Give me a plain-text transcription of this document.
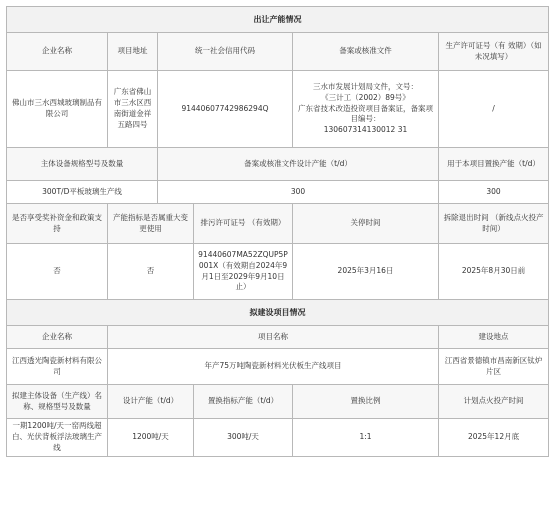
出让产能情况					
企业名称	项目地址	统一社会信用代码		备案或核准文件	生产许可证号（有 效期）（如 未况填写）
佛山市三水西城玻璃制品有限公司	广东省佛山市三水区西南街道金祥五路四号	91440607742986294Q		三水市发展计划局文件，文号：
《三计工（2002）89号》
广东省技术改造投资项目备案证，备案项目编号：
130607314130012 31	/
主体设备规格型号及数量		备案或核准文件设计产能（t/d）			用于本项目置换产能（t/d）
300T/D平板玻璃生产线		300			300
是否享受奖补资金和政策支持	产能指标是否属重大变更使用		排污许可证号 （有效期）	关停时间	拆除退出时间 （新线点火投产时间）
否	否		91440607MA52ZQUP5P001X（有效期自2024年9月1日至2029年9月10日止）	2025年3月16日	2025年8月30日前
拟建设项目情况					
企业名称	项目名称				建设地点
江西透光陶瓷新材料有限公司	年产75万吨陶瓷新材料光伏板生产线项目				江西省景德镇市昌南新区钛炉片区
拟建主体设备（生产线）名称、规格型号及数量	设计产能（t/d）		置换指标产能（t/d）	置换比例	计划点火投产时间
一期1200吨/天一窑两线超白、光伏背板浮法玻璃生产线	1200吨/天		300吨/天	1:1	2025年12月底
